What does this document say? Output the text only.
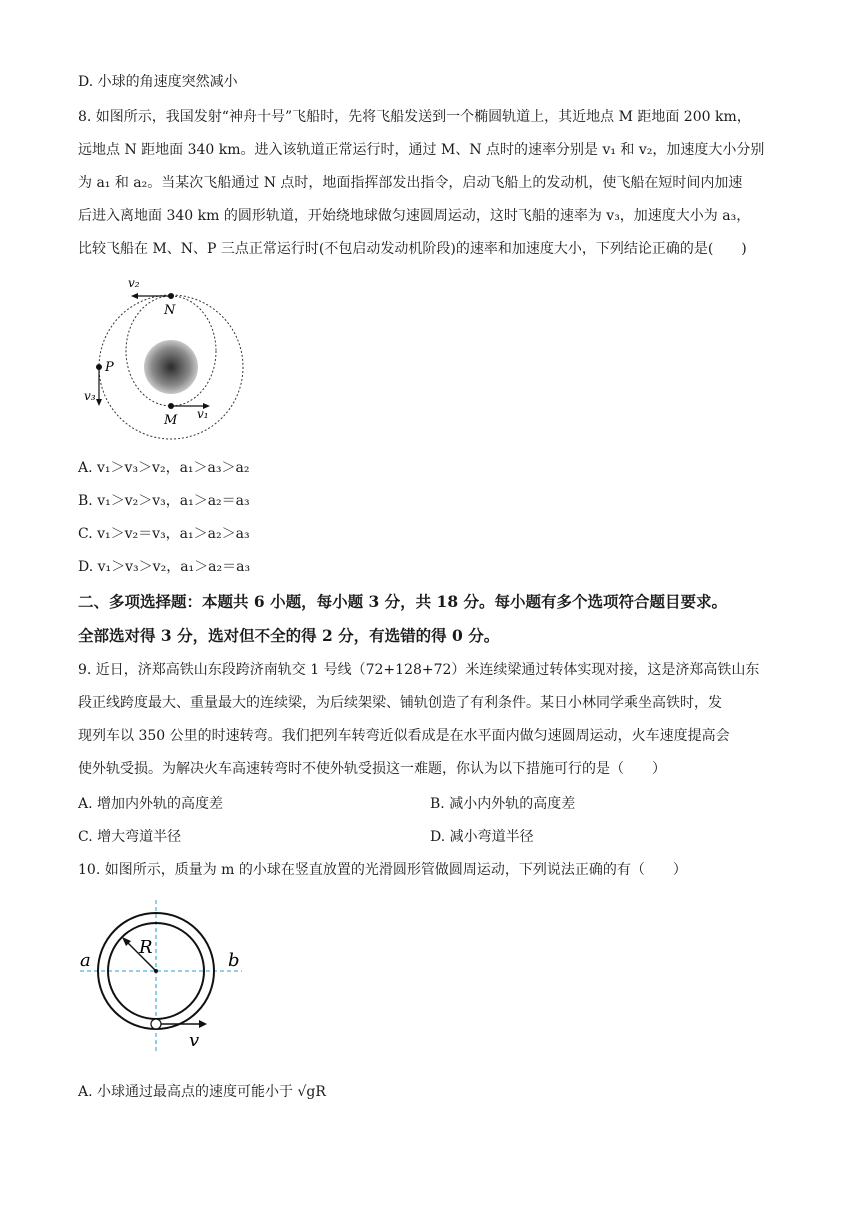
D. 小球的角速度突然减小
8. 如图所示，我国发射“神舟十号”飞船时，先将飞船发送到一个椭圆轨道上，其近地点 M 距地面 200 km，
远地点 N 距地面 340 km。进入该轨道正常运行时，通过 M、N 点时的速率分别是 v₁ 和 v₂，加速度大小分别
为 a₁ 和 a₂。当某次飞船通过 N 点时，地面指挥部发出指令，启动飞船上的发动机，使飞船在短时间内加速
后进入离地面 340 km 的圆形轨道，开始绕地球做匀速圆周运动，这时飞船的速率为 v₃，加速度大小为 a₃，
比较飞船在 M、N、P 三点正常运行时(不包启动发动机阶段)的速率和加速度大小，下列结论正确的是(　　)
v₂
N
P
v₃
M v₁
A. v₁＞v₃＞v₂，a₁＞a₃＞a₂
B. v₁＞v₂＞v₃，a₁＞a₂＝a₃
C. v₁＞v₂＝v₃，a₁＞a₂＞a₃
D. v₁＞v₃＞v₂，a₁＞a₂＝a₃
二、多项选择题：本题共 6 小题，每小题 3 分，共 18 分。每小题有多个选项符合题目要求。
全部选对得 3 分，选对但不全的得 2 分，有选错的得 0 分。
9. 近日，济郑高铁山东段跨济南轨交 1 号线（72+128+72）米连续梁通过转体实现对接，这是济郑高铁山东
段正线跨度最大、重量最大的连续梁，为后续架梁、铺轨创造了有利条件。某日小林同学乘坐高铁时，发
现列车以 350 公里的时速转弯。我们把列车转弯近似看成是在水平面内做匀速圆周运动，火车速度提高会
使外轨受损。为解决火车高速转弯时不使外轨受损这一难题，你认为以下措施可行的是（　　）
A. 增加内外轨的高度差	B. 减小内外轨的高度差
C. 增大弯道半径	D. 减小弯道半径
10. 如图所示，质量为 m 的小球在竖直放置的光滑圆形管做圆周运动，下列说法正确的有（　　）
R
a	b
v
A. 小球通过最高点的速度可能小于 √gR
